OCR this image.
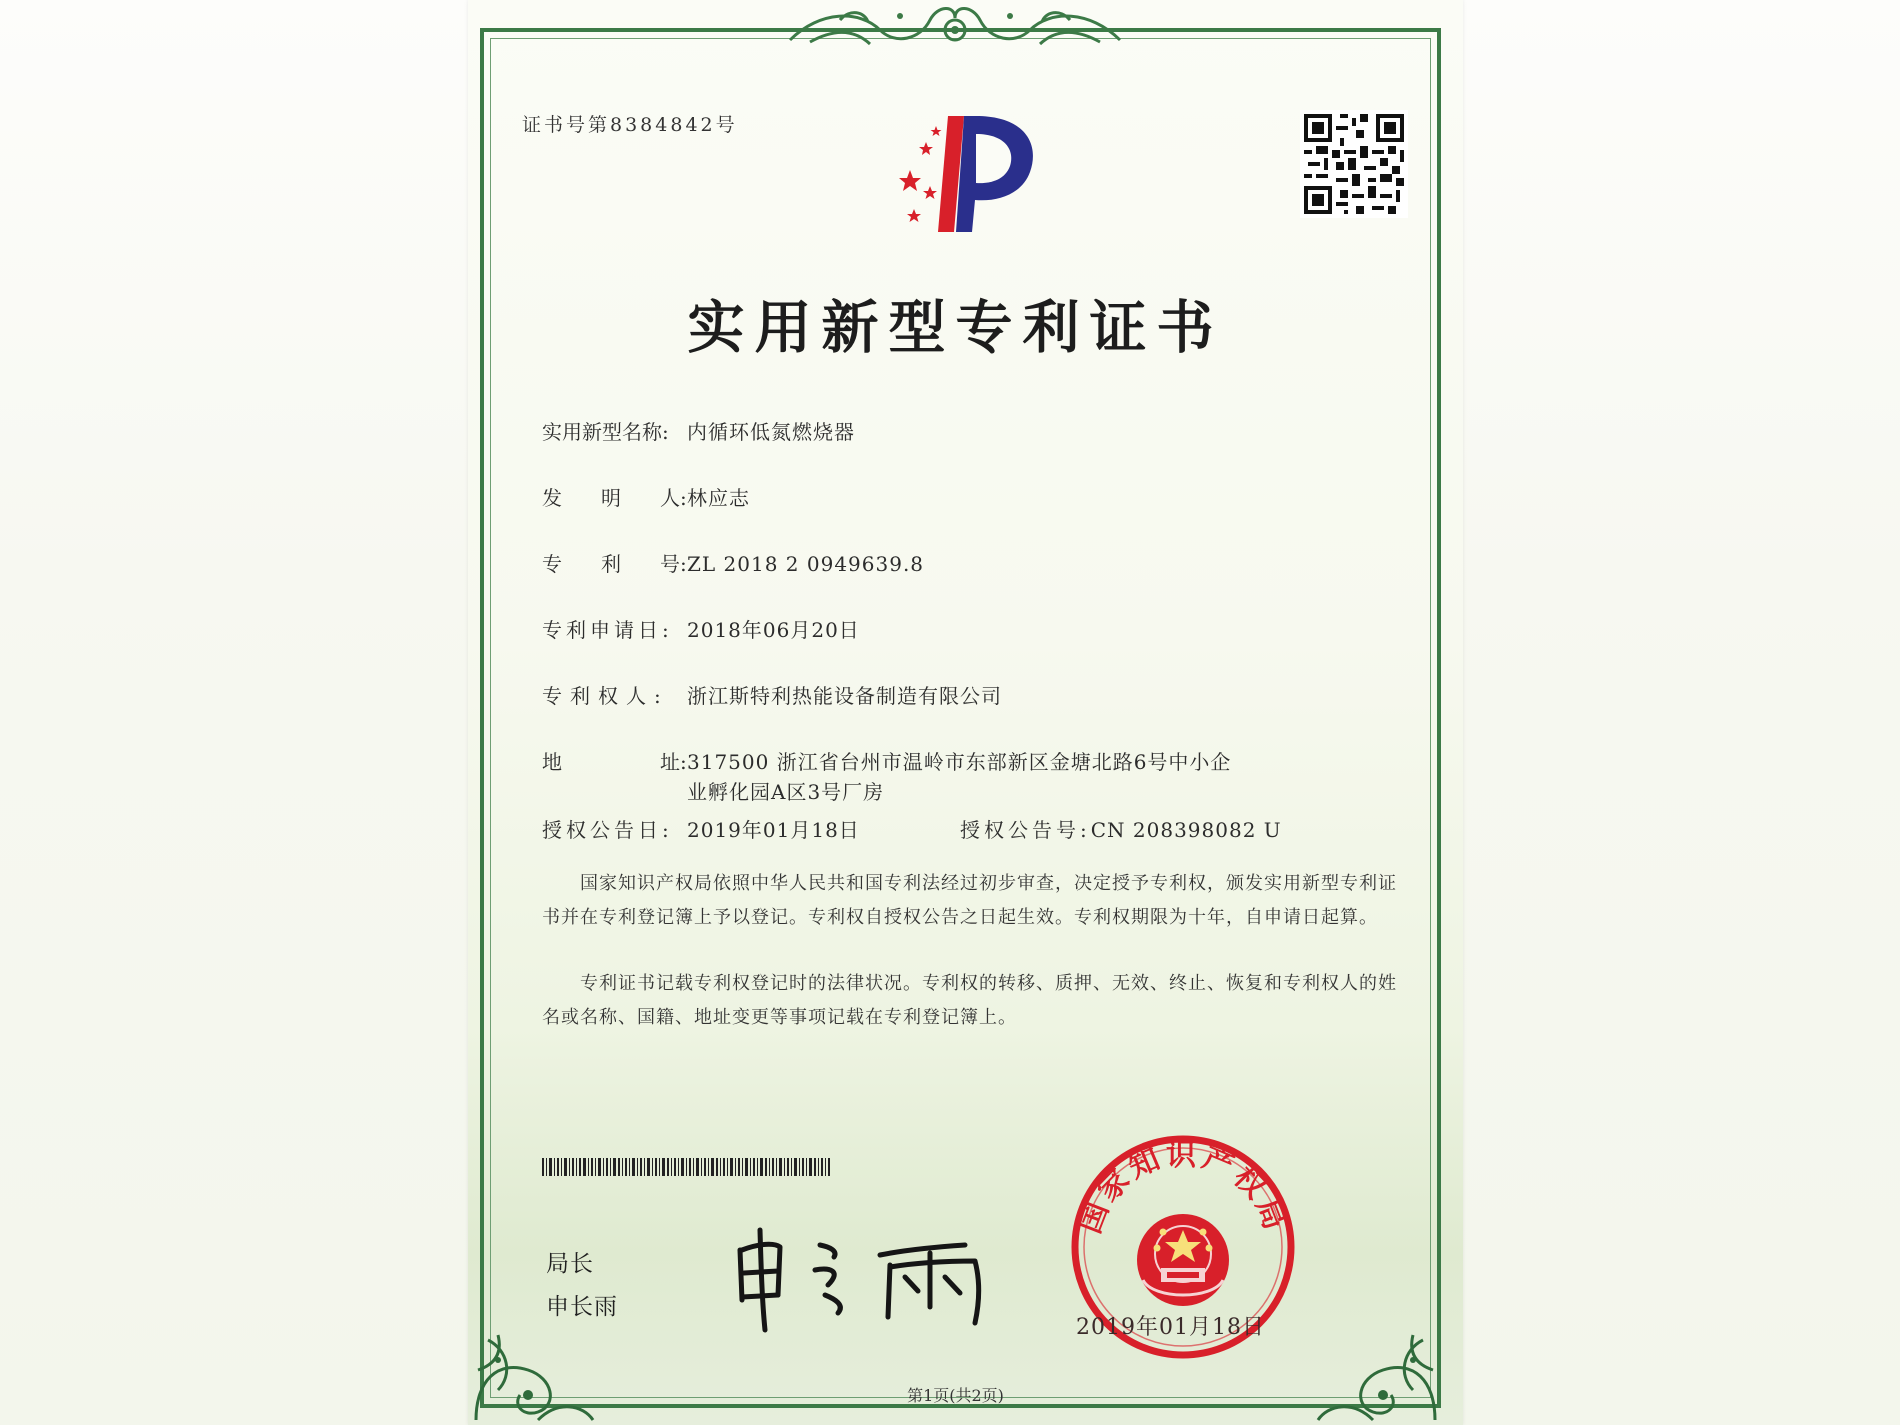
证书号第8384842号
实用新型专利证书
实用新型名称: 内循环低氮燃烧器
发 明 人 :林应志
专 利 号 :ZL 2018 2 0949639.8
专利申请日: 2018年06月20日
专利权人: 浙江斯特利热能设备制造有限公司
地	址 :317500 浙江省台州市温岭市东部新区金塘北路6号中小企
业孵化园A区3号厂房
授权公告日: 2019年01月18日	授权公告号:CN 208398082 U
国家知识产权局依照中华人民共和国专利法经过初步审查，决定授予专利权，颁发实用新型专利证书并在专利登记簿上予以登记。专利权自授权公告之日起生效。专利权期限为十年，自申请日起算。
专利证书记载专利权登记时的法律状况。专利权的转移、质押、无效、终止、恢复和专利权人的姓名或名称、国籍、地址变更等事项记载在专利登记簿上。
局长
申长雨
国家知识产权局
2019年01月18日
第1页(共2页)
